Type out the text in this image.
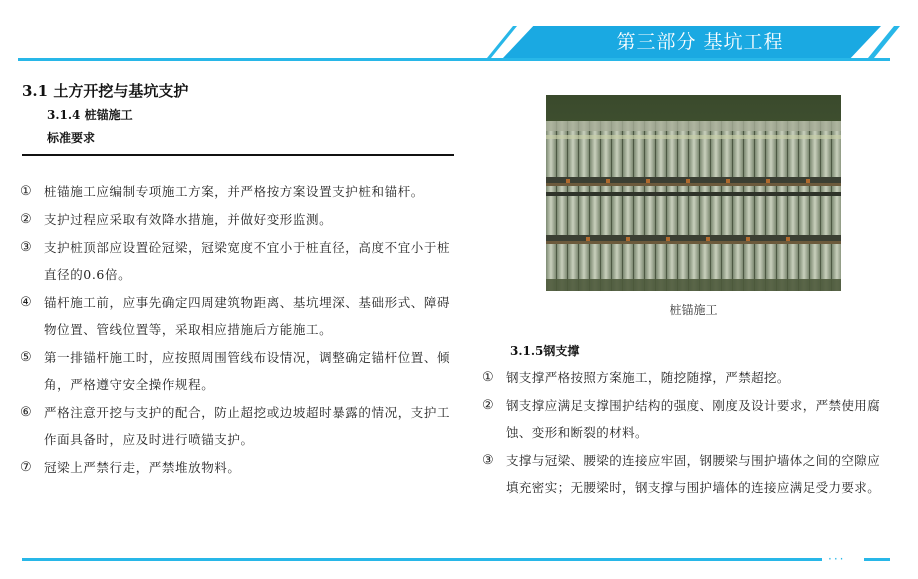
第三部分 基坑工程
3.1 土方开挖与基坑支护
3.1.4 桩锚施工
标准要求
① 桩锚施工应编制专项施工方案，并严格按方案设置支护桩和锚杆。
② 支护过程应采取有效降水措施，并做好变形监测。
③ 支护桩顶部应设置砼冠梁，冠梁宽度不宜小于桩直径，高度不宜小于桩直径的0.6倍。
④ 锚杆施工前，应事先确定四周建筑物距离、基坑埋深、基础形式、障碍物位置、管线位置等，采取相应措施后方能施工。
⑤ 第一排锚杆施工时，应按照周围管线布设情况，调整确定锚杆位置、倾角，严格遵守安全操作规程。
⑥ 严格注意开挖与支护的配合，防止超挖或边坡超时暴露的情况，支护工作面具备时，应及时进行喷锚支护。
⑦ 冠梁上严禁行走，严禁堆放物料。
桩锚施工
3.1.5钢支撑
① 钢支撑严格按照方案施工，随挖随撑，严禁超挖。
② 钢支撑应满足支撑围护结构的强度、刚度及设计要求，严禁使用腐蚀、变形和断裂的材料。
③ 支撑与冠梁、腰梁的连接应牢固，钢腰梁与围护墙体之间的空隙应填充密实；无腰梁时，钢支撑与围护墙体的连接应满足受力要求。
···
